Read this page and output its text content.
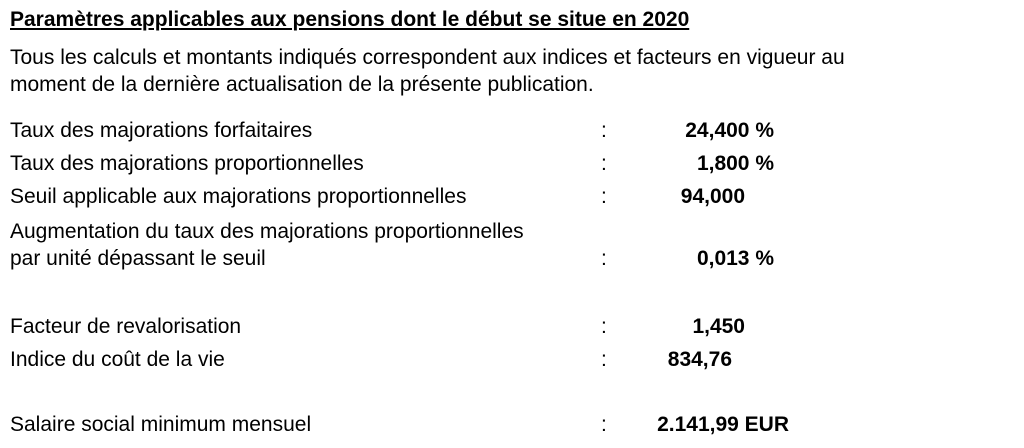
Paramètres applicables aux pensions dont le début se situe en 2020
Tous les calculs et montants indiqués correspondent aux indices et facteurs en vigueur au
moment de la dernière actualisation de la présente publication.
Taux des majorations forfaitaires	:	24,400 %
Taux des majorations proportionnelles	:	1,800 %
Seuil applicable aux majorations proportionnelles	:	94,000
Augmentation du taux des majorations proportionnelles
par unité dépassant le seuil	:	0,013 %
Facteur de revalorisation	:	1,450
Indice du coût de la vie	:	834,76
Salaire social minimum mensuel	: 2.141,99 EUR
